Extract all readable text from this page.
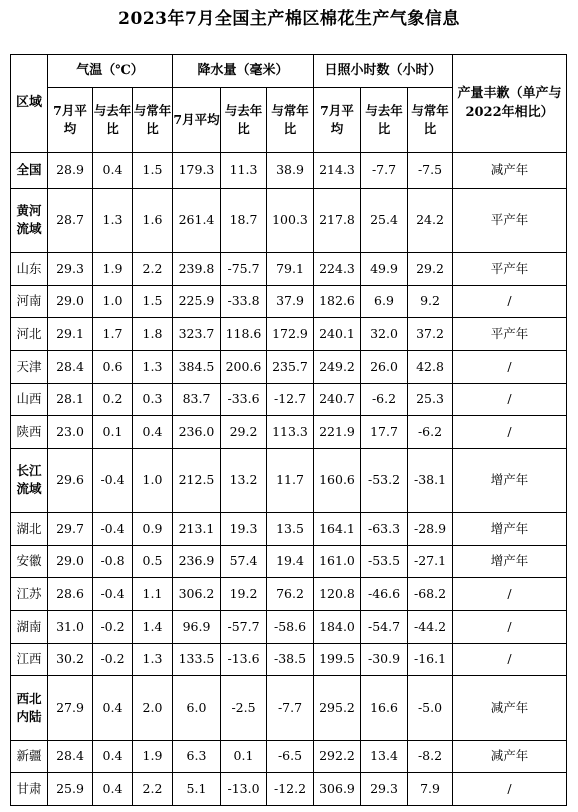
2023年7月全国主产棉区棉花生产气象信息
区域	气温（℃）			降水量（毫米）			日照小时数（小时）			产量丰歉（单产与2022年相比）
	7月平均	与去年比	与常年比	7月平均	与去年比	与常年比	7月平均	与去年比	与常年比	
全国	28.9	0.4	1.5	179.3	11.3	38.9	214.3	-7.7	-7.5	减产年
黄河流域	28.7	1.3	1.6	261.4	18.7	100.3	217.8	25.4	24.2	平产年
山东	29.3	1.9	2.2	239.8	-75.7	79.1	224.3	49.9	29.2	平产年
河南	29.0	1.0	1.5	225.9	-33.8	37.9	182.6	6.9	9.2	/
河北	29.1	1.7	1.8	323.7	118.6	172.9	240.1	32.0	37.2	平产年
天津	28.4	0.6	1.3	384.5	200.6	235.7	249.2	26.0	42.8	/
山西	28.1	0.2	0.3	83.7	-33.6	-12.7	240.7	-6.2	25.3	/
陕西	23.0	0.1	0.4	236.0	29.2	113.3	221.9	17.7	-6.2	/
长江流域	29.6	-0.4	1.0	212.5	13.2	11.7	160.6	-53.2	-38.1	增产年
湖北	29.7	-0.4	0.9	213.1	19.3	13.5	164.1	-63.3	-28.9	增产年
安徽	29.0	-0.8	0.5	236.9	57.4	19.4	161.0	-53.5	-27.1	增产年
江苏	28.6	-0.4	1.1	306.2	19.2	76.2	120.8	-46.6	-68.2	/
湖南	31.0	-0.2	1.4	96.9	-57.7	-58.6	184.0	-54.7	-44.2	/
江西	30.2	-0.2	1.3	133.5	-13.6	-38.5	199.5	-30.9	-16.1	/
西北内陆	27.9	0.4	2.0	6.0	-2.5	-7.7	295.2	16.6	-5.0	减产年
新疆	28.4	0.4	1.9	6.3	0.1	-6.5	292.2	13.4	-8.2	减产年
甘肃	25.9	0.4	2.2	5.1	-13.0	-12.2	306.9	29.3	7.9	/
